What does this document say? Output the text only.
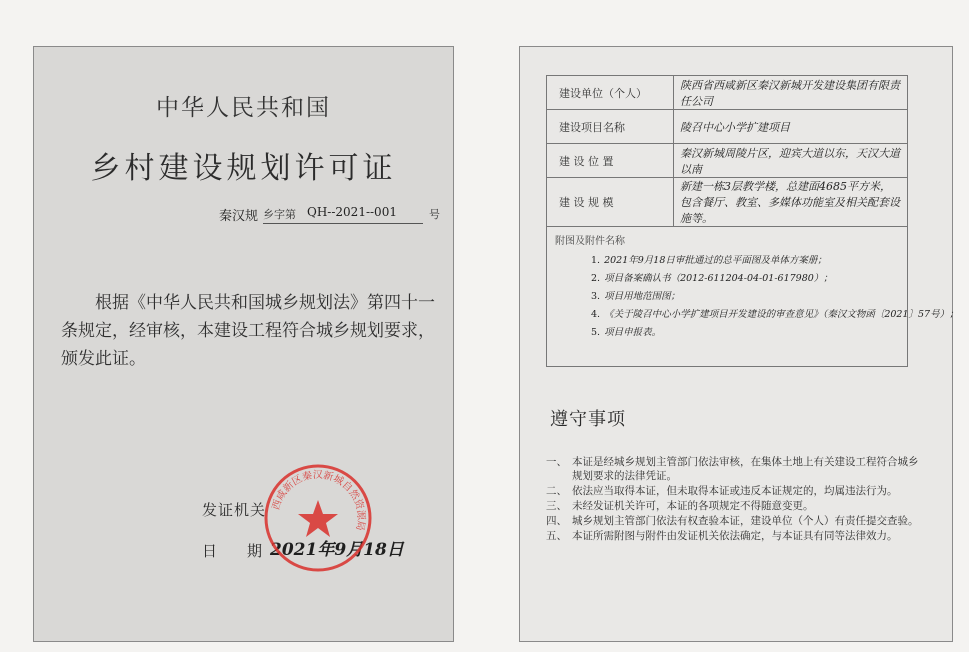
中华人民共和国
乡村建设规划许可证
秦汉规 乡字第 QH--2021--001	号
根据《中华人民共和国城乡规划法》第四十一条规定，经审核，本建设工程符合城乡规划要求，颁发此证。
发证机关
日期
2021年9月18日
西咸新区秦汉新城自然资源局
建设单位（个人）	陕西省西咸新区秦汉新城开发建设集团有限责任公司
建设项目名称	陵召中心小学扩建项目
建 设 位 置	秦汉新城周陵片区，迎宾大道以东，天汉大道以南
建 设 规 模	新建一栋3层教学楼，总建面4685平方米，包含餐厅、教室、多媒体功能室及相关配套设施等。
附图及附件名称
1. 2021年9月18日审批通过的总平面图及单体方案册；
2. 项目备案确认书（2012-611204-04-01-617980）；
3. 项目用地范围图；
4. 《关于陵召中心小学扩建项目开发建设的审查意见》（秦汉文物函〔2021〕57号）；
5. 项目申报表。
遵守事项
一、 本证是经城乡规划主管部门依法审核，在集体土地上有关建设工程符合城乡规划要求的法律凭证。
二、 依法应当取得本证，但未取得本证或违反本证规定的，均属违法行为。
三、 未经发证机关许可，本证的各项规定不得随意变更。
四、 城乡规划主管部门依法有权查验本证，建设单位（个人）有责任提交查验。
五、 本证所需附图与附件由发证机关依法确定，与本证具有同等法律效力。
